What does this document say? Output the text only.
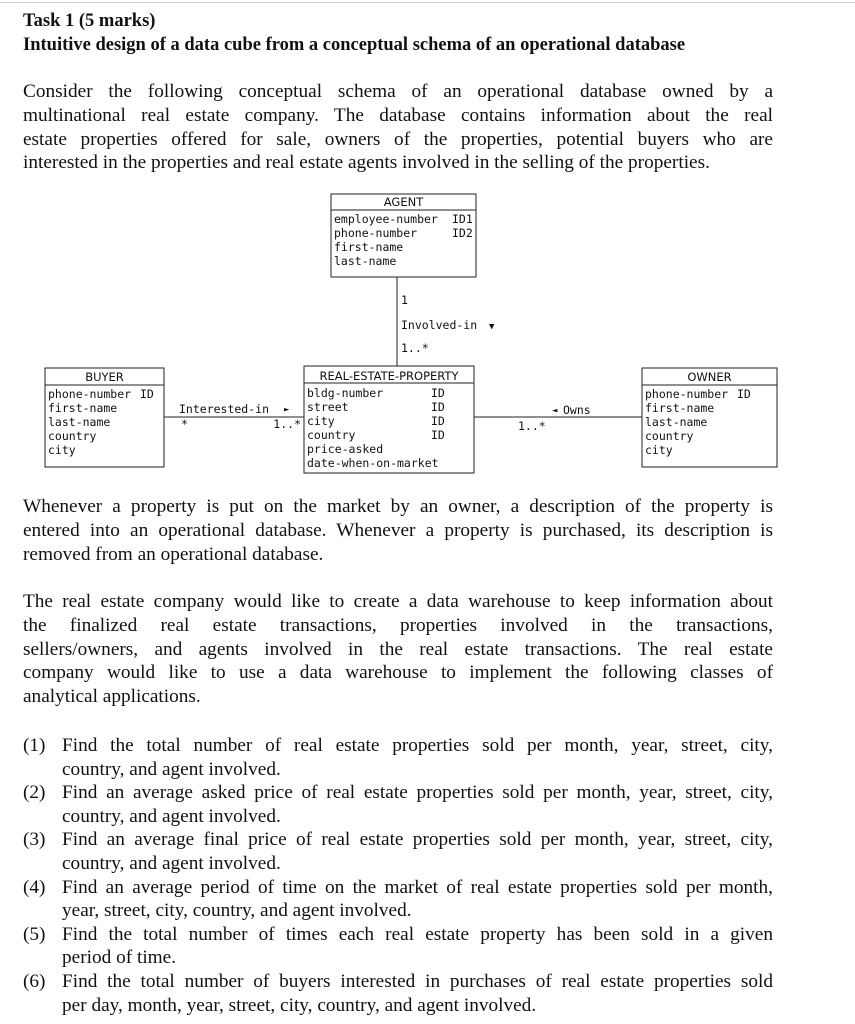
Task 1 (5 marks)
Intuitive design of a data cube from a conceptual schema of an operational database
Consider the following conceptual schema of an operational database owned by a
multinational real estate company. The database contains information about the real
estate properties offered for sale, owners of the properties, potential buyers who are
interested in the properties and real estate agents involved in the selling of the properties.
AGENT
employee-number ID1
phone-number	ID2
first-name
last-name
1
Involved-in ▼
1..*
REAL-ESTATE-PROPERTY
bldg-number	ID
street	ID
city	ID
country	ID
price-asked
date-when-on-market
BUYER
phone-number ID
first-name
last-name
country
city
Interested-in ►
*	1..*
OWNER
phone-number ID
first-name
last-name
country
city
◄ Owns
1..*
Whenever a property is put on the market by an owner, a description of the property is
entered into an operational database. Whenever a property is purchased, its description is
removed from an operational database.
The real estate company would like to create a data warehouse to keep information about
the finalized real estate transactions, properties involved in the transactions,
sellers/owners, and agents involved in the real estate transactions. The real estate
company would like to use a data warehouse to implement the following classes of
analytical applications.
(1) Find the total number of real estate properties sold per month, year, street, city,
country, and agent involved.
(2) Find an average asked price of real estate properties sold per month, year, street, city,
country, and agent involved.
(3) Find an average final price of real estate properties sold per month, year, street, city,
country, and agent involved.
(4) Find an average period of time on the market of real estate properties sold per month,
year, street, city, country, and agent involved.
(5) Find the total number of times each real estate property has been sold in a given
period of time.
(6) Find the total number of buyers interested in purchases of real estate properties sold
per day, month, year, street, city, country, and agent involved.
